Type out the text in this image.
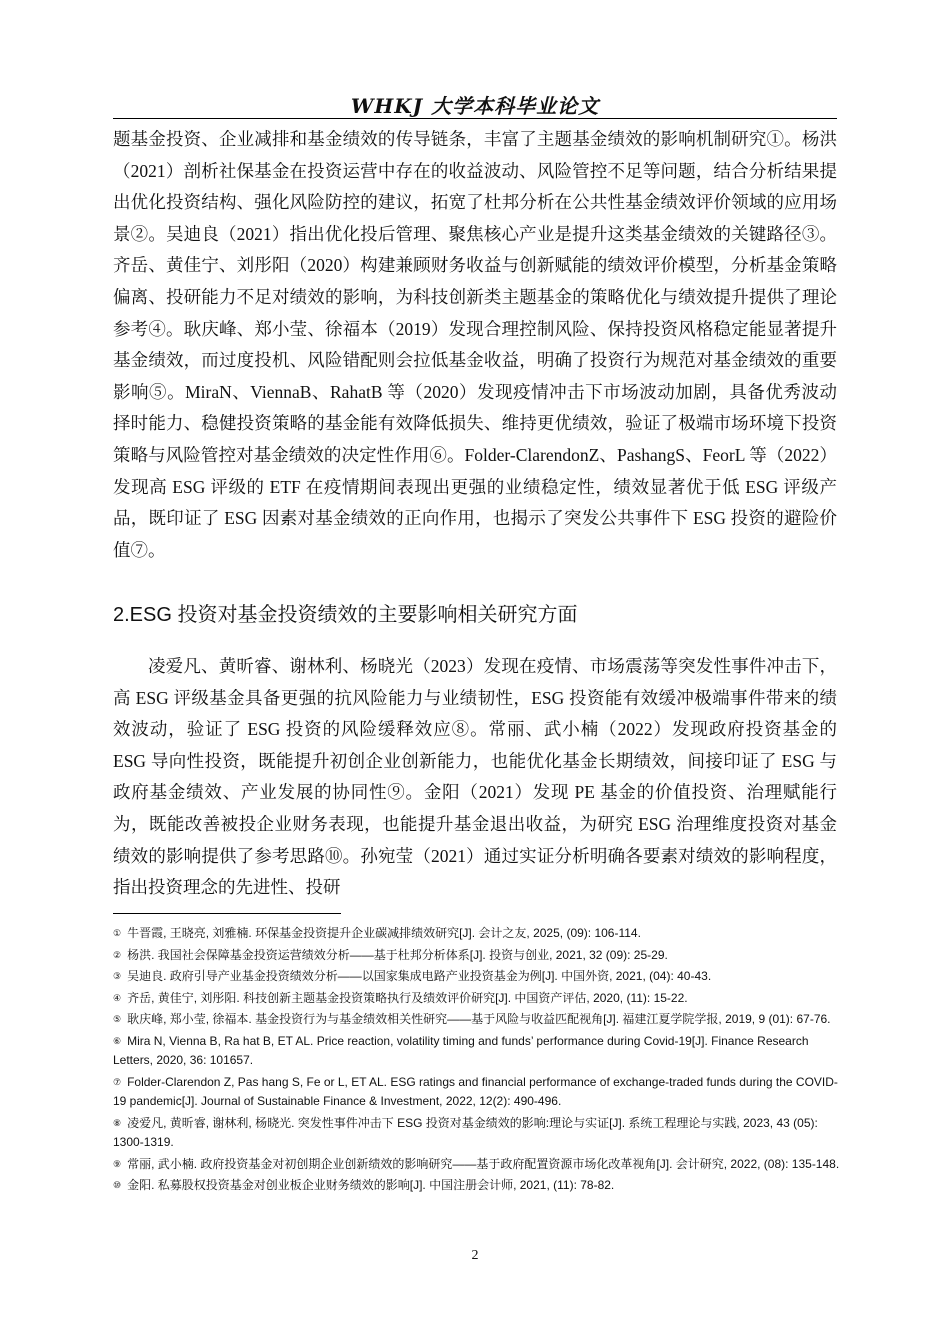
WHKJ 大学本科毕业论文

题基金投资、企业减排和基金绩效的传导链条，丰富了主题基金绩效的影响机制研究①。杨洪（2021）剖析社保基金在投资运营中存在的收益波动、风险管控不足等问题，结合分析结果提出优化投资结构、强化风险防控的建议，拓宽了杜邦分析在公共性基金绩效评价领域的应用场景②。吴迪良（2021）指出优化投后管理、聚焦核心产业是提升这类基金绩效的关键路径③。齐岳、黄佳宁、刘彤阳（2020）构建兼顾财务收益与创新赋能的绩效评价模型，分析基金策略偏离、投研能力不足对绩效的影响，为科技创新类主题基金的策略优化与绩效提升提供了理论参考④。耿庆峰、郑小莹、徐福本（2019）发现合理控制风险、保持投资风格稳定能显著提升基金绩效，而过度投机、风险错配则会拉低基金收益，明确了投资行为规范对基金绩效的重要影响⑤。MiraN、ViennaB、RahatB 等（2020）发现疫情冲击下市场波动加剧，具备优秀波动择时能力、稳健投资策略的基金能有效降低损失、维持更优绩效，验证了极端市场环境下投资策略与风险管控对基金绩效的决定性作用⑥。Folder-ClarendonZ、PashangS、FeorL 等（2022）发现高 ESG 评级的 ETF 在疫情期间表现出更强的业绩稳定性，绩效显著优于低 ESG 评级产品，既印证了 ESG 因素对基金绩效的正向作用，也揭示了突发公共事件下 ESG 投资的避险价值⑦。

2.ESG 投资对基金投资绩效的主要影响相关研究方面

凌爱凡、黄昕睿、谢林利、杨晓光（2023）发现在疫情、市场震荡等突发性事件冲击下，高 ESG 评级基金具备更强的抗风险能力与业绩韧性，ESG 投资能有效缓冲极端事件带来的绩效波动，验证了 ESG 投资的风险缓释效应⑧。常丽、武小楠（2022）发现政府投资基金的 ESG 导向性投资，既能提升初创企业创新能力，也能优化基金长期绩效，间接印证了 ESG 与政府基金绩效、产业发展的协同性⑨。金阳（2021）发现 PE 基金的价值投资、治理赋能行为，既能改善被投企业财务表现，也能提升基金退出收益，为研究 ESG 治理维度投资对基金绩效的影响提供了参考思路⑩。孙宛莹（2021）通过实证分析明确各要素对绩效的影响程度，指出投资理念的先进性、投研

① 牛晋霞, 王晓亮, 刘雅楠. 环保基金投资提升企业碳减排绩效研究[J]. 会计之友, 2025, (09): 106-114.

② 杨洪. 我国社会保障基金投资运营绩效分析——基于杜邦分析体系[J]. 投资与创业, 2021, 32 (09): 25-29.

③ 吴迪良. 政府引导产业基金投资绩效分析——以国家集成电路产业投资基金为例[J]. 中国外资, 2021, (04): 40-43.

④ 齐岳, 黄佳宁, 刘彤阳. 科技创新主题基金投资策略执行及绩效评价研究[J]. 中国资产评估, 2020, (11): 15-22.

⑤ 耿庆峰, 郑小莹, 徐福本. 基金投资行为与基金绩效相关性研究——基于风险与收益匹配视角[J]. 福建江夏学院学报, 2019, 9 (01): 67-76.

⑥ Mira N, Vienna B, Ra hat B, ET AL. Price reaction, volatility timing and funds’ performance during Covid-19[J]. Finance Research Letters, 2020, 36: 101657.

⑦ Folder-Clarendon Z, Pas hang S, Fe or L, ET AL. ESG ratings and financial performance of exchange-traded funds during the COVID-19 pandemic[J]. Journal of Sustainable Finance & Investment, 2022, 12(2): 490-496.

⑧ 凌爱凡, 黄昕睿, 谢林利, 杨晓光. 突发性事件冲击下 ESG 投资对基金绩效的影响:理论与实证[J]. 系统工程理论与实践, 2023, 43 (05): 1300-1319.

⑨ 常丽, 武小楠. 政府投资基金对初创期企业创新绩效的影响研究——基于政府配置资源市场化改革视角[J]. 会计研究, 2022, (08): 135-148.

⑩ 金阳. 私募股权投资基金对创业板企业财务绩效的影响[J]. 中国注册会计师, 2021, (11): 78-82.

2
